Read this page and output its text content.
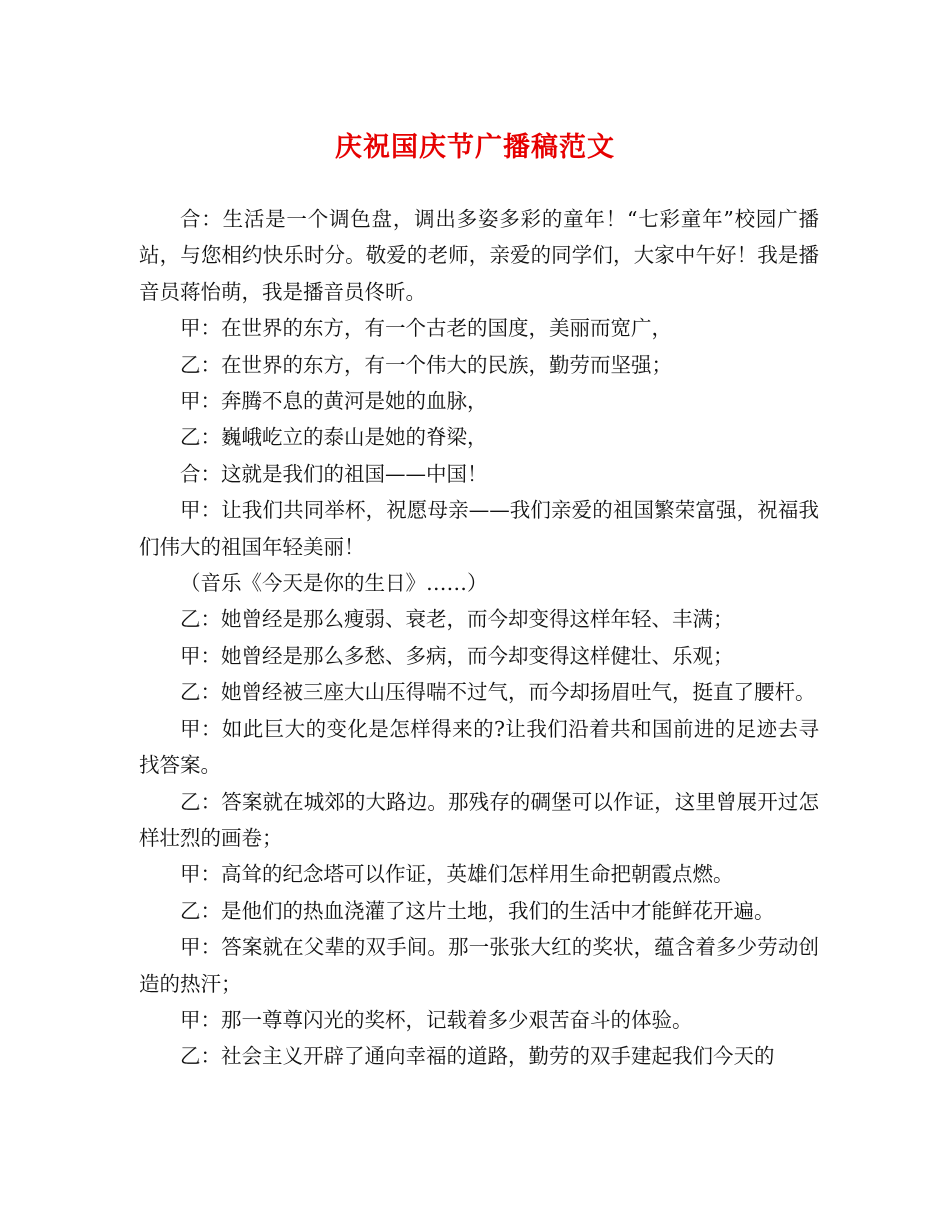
庆祝国庆节广播稿范文

合：生活是一个调色盘，调出多姿多彩的童年！“七彩童年”校园广播站，与您相约快乐时分。敬爱的老师，亲爱的同学们，大家中午好！我是播音员蒋怡萌，我是播音员佟昕。

甲：在世界的东方，有一个古老的国度，美丽而宽广，

乙：在世界的东方，有一个伟大的民族，勤劳而坚强；

甲：奔腾不息的黄河是她的血脉，

乙：巍峨屹立的泰山是她的脊梁，

合：这就是我们的祖国——中国！

甲：让我们共同举杯，祝愿母亲——我们亲爱的祖国繁荣富强，祝福我们伟大的祖国年轻美丽！

（音乐《今天是你的生日》……）

乙：她曾经是那么瘦弱、衰老，而今却变得这样年轻、丰满；

甲：她曾经是那么多愁、多病，而今却变得这样健壮、乐观；

乙：她曾经被三座大山压得喘不过气，而今却扬眉吐气，挺直了腰杆。

甲：如此巨大的变化是怎样得来的?让我们沿着共和国前进的足迹去寻找答案。

乙：答案就在城郊的大路边。那残存的碉堡可以作证，这里曾展开过怎样壮烈的画卷；

甲：高耸的纪念塔可以作证，英雄们怎样用生命把朝霞点燃。

乙：是他们的热血浇灌了这片土地，我们的生活中才能鲜花开遍。

甲：答案就在父辈的双手间。那一张张大红的奖状，蕴含着多少劳动创造的热汗；

甲：那一尊尊闪光的奖杯，记载着多少艰苦奋斗的体验。

乙：社会主义开辟了通向幸福的道路，勤劳的双手建起我们今天的
